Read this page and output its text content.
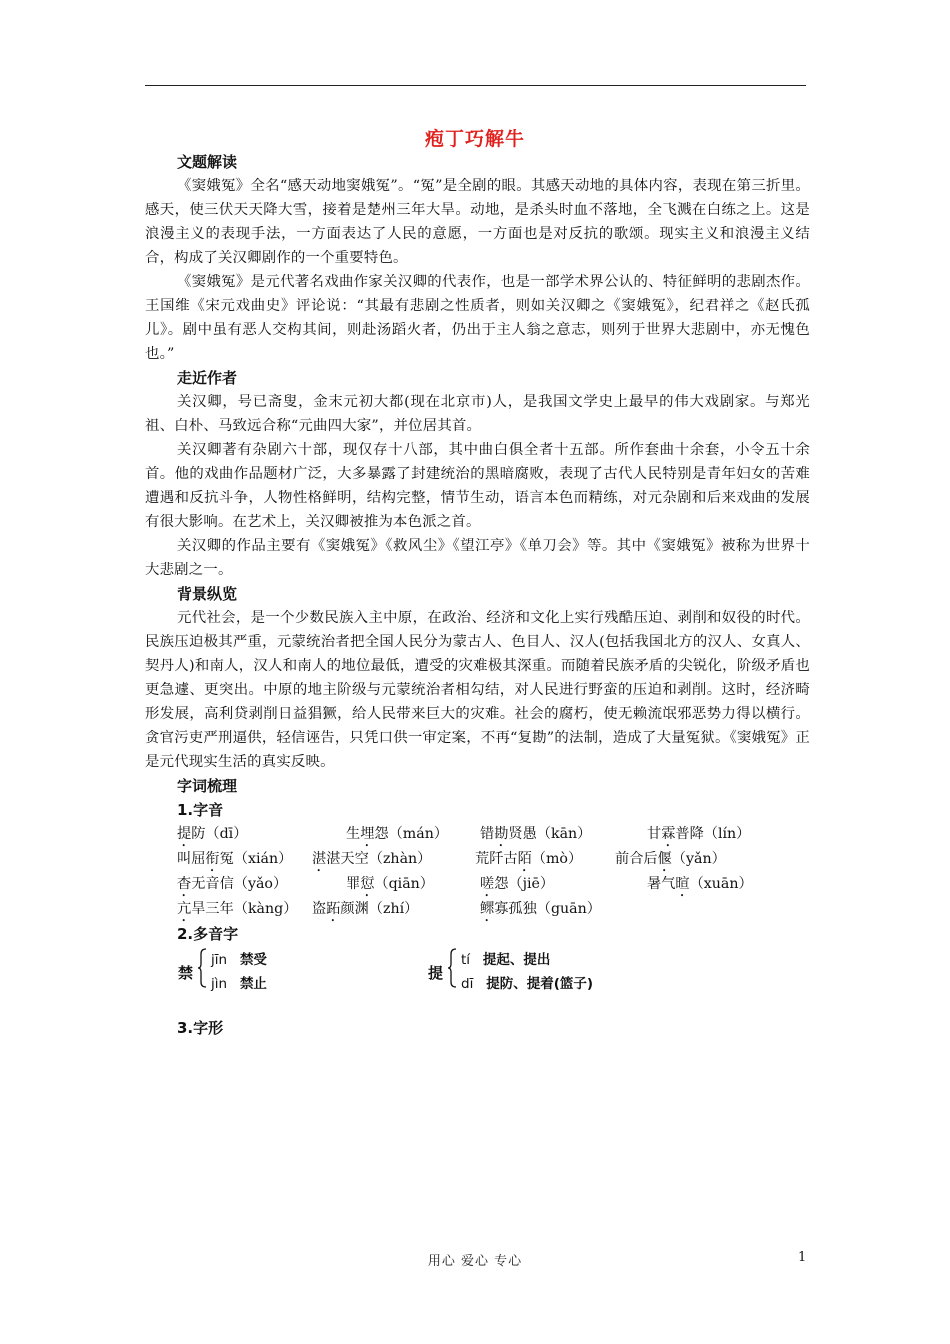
疱丁巧解牛

文题解读

《窦娥冤》全名“感天动地窦娥冤”。“冤”是全剧的眼。其感天动地的具体内容，表现在第三折里。感天，使三伏天天降大雪，接着是楚州三年大旱。动地，是杀头时血不落地，全飞溅在白练之上。这是浪漫主义的表现手法，一方面表达了人民的意愿，一方面也是对反抗的歌颂。现实主义和浪漫主义结合，构成了关汉卿剧作的一个重要特色。

《窦娥冤》是元代著名戏曲作家关汉卿的代表作，也是一部学术界公认的、特征鲜明的悲剧杰作。王国维《宋元戏曲史》评论说：“其最有悲剧之性质者，则如关汉卿之《窦娥冤》，纪君祥之《赵氏孤儿》。剧中虽有恶人交构其间，则赴汤蹈火者，仍出于主人翁之意志，则列于世界大悲剧中，亦无愧色也。”

走近作者

关汉卿，号已斋叟，金末元初大都(现在北京市)人，是我国文学史上最早的伟大戏剧家。与郑光祖、白朴、马致远合称“元曲四大家”，并位居其首。

关汉卿著有杂剧六十部，现仅存十八部，其中曲白俱全者十五部。所作套曲十余套，小令五十余首。他的戏曲作品题材广泛，大多暴露了封建统治的黑暗腐败，表现了古代人民特别是青年妇女的苦难遭遇和反抗斗争，人物性格鲜明，结构完整，情节生动，语言本色而精练，对元杂剧和后来戏曲的发展有很大影响。在艺术上，关汉卿被推为本色派之首。

关汉卿的作品主要有《窦娥冤》《救风尘》《望江亭》《单刀会》等。其中《窦娥冤》被称为世界十大悲剧之一。

背景纵览

元代社会，是一个少数民族入主中原，在政治、经济和文化上实行残酷压迫、剥削和奴役的时代。民族压迫极其严重，元蒙统治者把全国人民分为蒙古人、色目人、汉人(包括我国北方的汉人、女真人、契丹人)和南人，汉人和南人的地位最低，遭受的灾难极其深重。而随着民族矛盾的尖锐化，阶级矛盾也更急遽、更突出。中原的地主阶级与元蒙统治者相勾结，对人民进行野蛮的压迫和剥削。这时，经济畸形发展，高利贷剥削日益猖獗，给人民带来巨大的灾难。社会的腐朽，使无赖流氓邪恶势力得以横行。贪官污吏严刑逼供，轻信诬告，只凭口供一审定案，不再“复勘”的法制，造成了大量冤狱。《窦娥冤》正是元代现实生活的真实反映。

字词梳理

1.字音

提防（dī）	生埋怨（mán） 错勘贤愚（kān）	甘霖普降（lín）
叫屈衔冤（xián） 湛湛天空（zhàn）	荒阡古陌（mò） 前合后偃（yǎn）
杳无音信（yǎo）	罪愆（qiān）	嗟怨（jiē）	暑气暄（xuān）
亢旱三年（kàng） 盗跖颜渊（zhí）	鳏寡孤独（guān）

2.多音字

禁
jīn 禁受
jìn 禁止
提
tí 提起、提出
dī 提防、提着(篮子)

3.字形

用心 爱心 专心	1
